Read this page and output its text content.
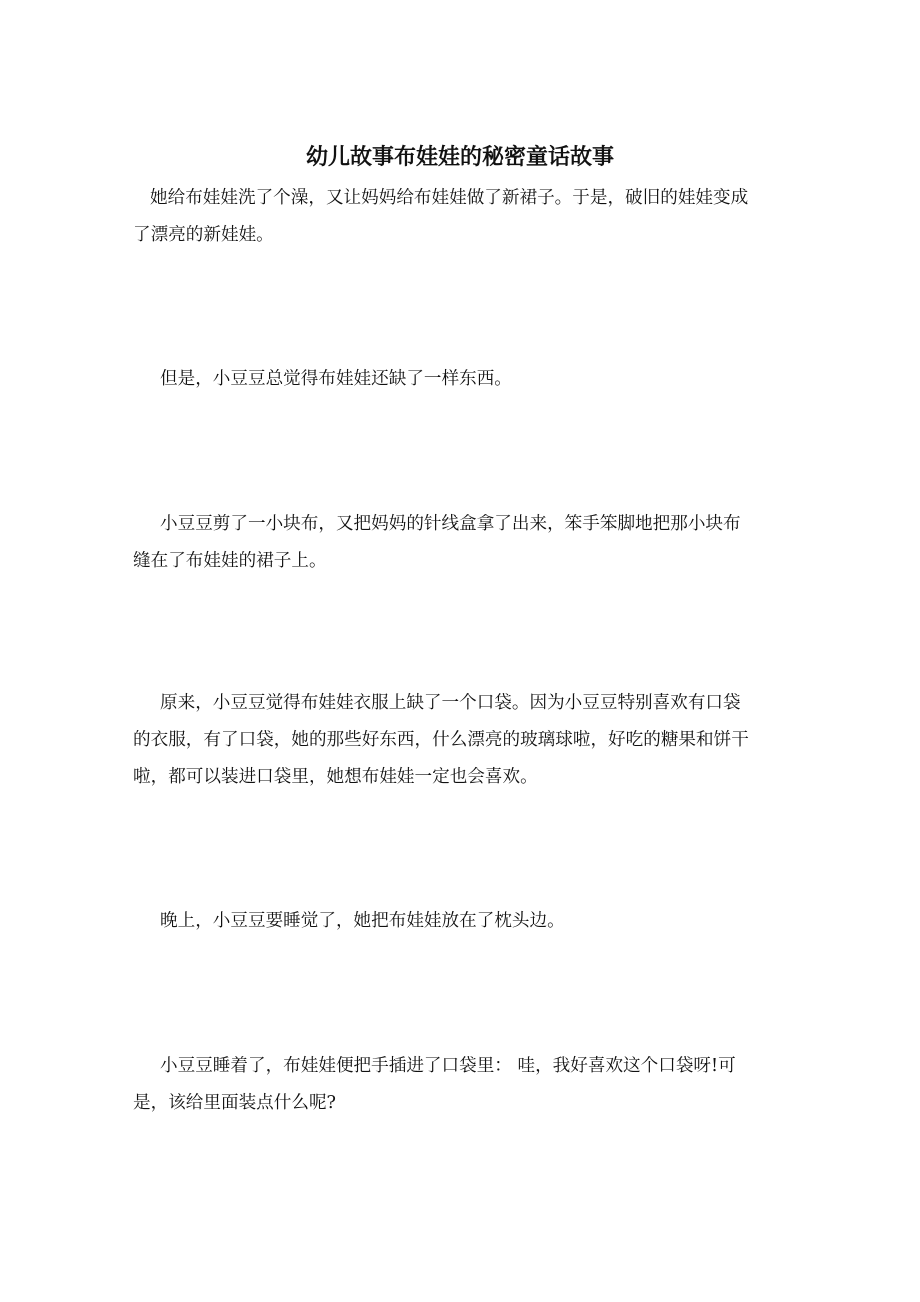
幼儿故事布娃娃的秘密童话故事
她给布娃娃洗了个澡，又让妈妈给布娃娃做了新裙子。于是，破旧的娃娃变成
了漂亮的新娃娃。
但是，小豆豆总觉得布娃娃还缺了一样东西。
小豆豆剪了一小块布，又把妈妈的针线盒拿了出来，笨手笨脚地把那小块布
缝在了布娃娃的裙子上。
原来，小豆豆觉得布娃娃衣服上缺了一个口袋。因为小豆豆特别喜欢有口袋
的衣服，有了口袋，她的那些好东西，什么漂亮的玻璃球啦，好吃的糖果和饼干
啦，都可以装进口袋里，她想布娃娃一定也会喜欢。
晚上，小豆豆要睡觉了，她把布娃娃放在了枕头边。
小豆豆睡着了，布娃娃便把手插进了口袋里： 哇，我好喜欢这个口袋呀!可
是，该给里面装点什么呢?
